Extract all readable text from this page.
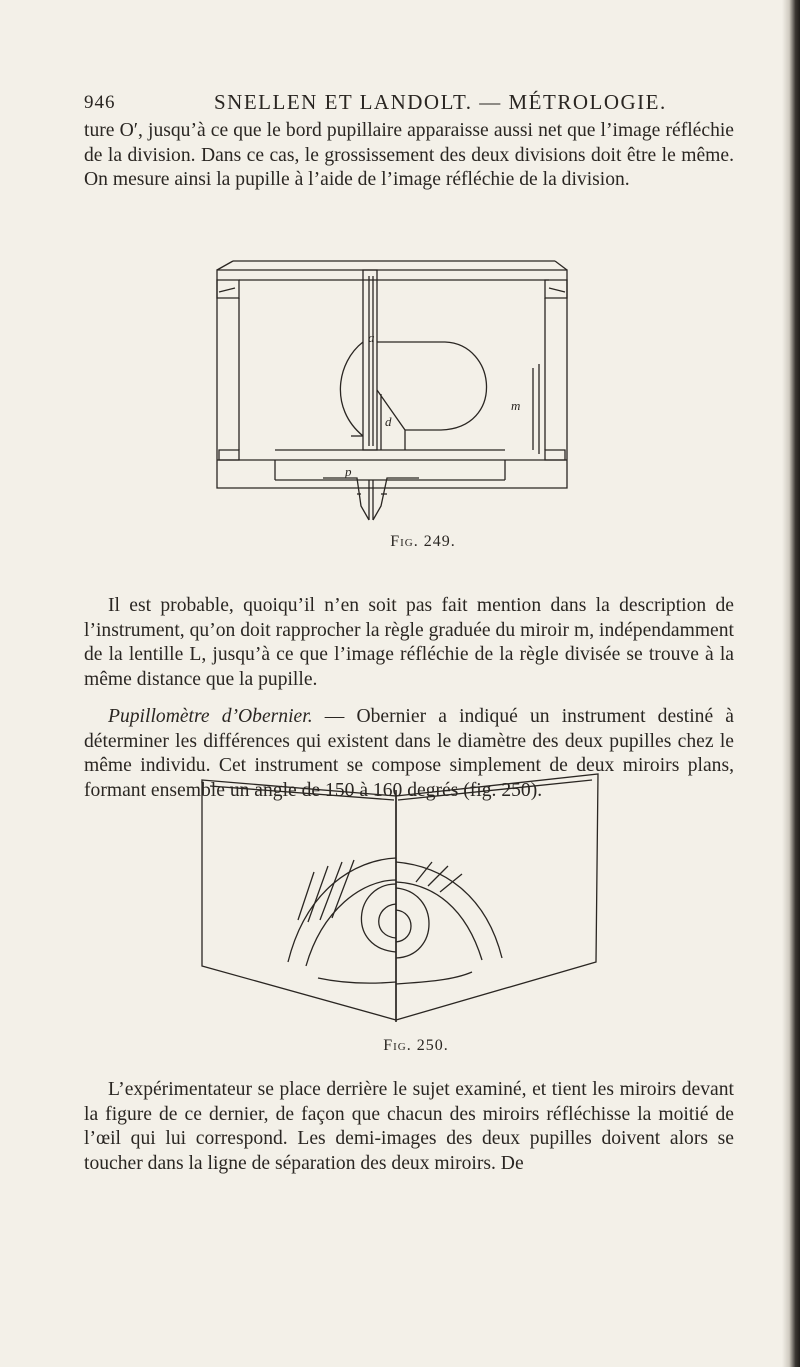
946	SNELLEN ET LANDOLT. — MÉTROLOGIE.

ture O′, jusqu’à ce que le bord pupillaire apparaisse aussi net que l’image réfléchie de la division. Dans ce cas, le grossissement des deux divisions doit être le même. On mesure ainsi la pupille à l’aide de l’image réfléchie de la division.

a
m
d
p
Fig. 249.

Il est probable, quoiqu’il n’en soit pas fait mention dans la description de l’instrument, qu’on doit rapprocher la règle graduée du miroir m, indépendamment de la lentille L, jusqu’à ce que l’image réfléchie de la règle divisée se trouve à la même distance que la pupille.

Pupillomètre d’Obernier. — Obernier a indiqué un instrument destiné à déterminer les différences qui existent dans le diamètre des deux pupilles chez le même individu. Cet instrument se compose simplement de deux miroirs plans, formant ensemble un angle de 150 à 160 degrés (fig. 250).

Fig. 250.

L’expérimentateur se place derrière le sujet examiné, et tient les miroirs devant la figure de ce dernier, de façon que chacun des miroirs réfléchisse la moitié de l’œil qui lui correspond. Les demi-images des deux pupilles doivent alors se toucher dans la ligne de séparation des deux miroirs. De
